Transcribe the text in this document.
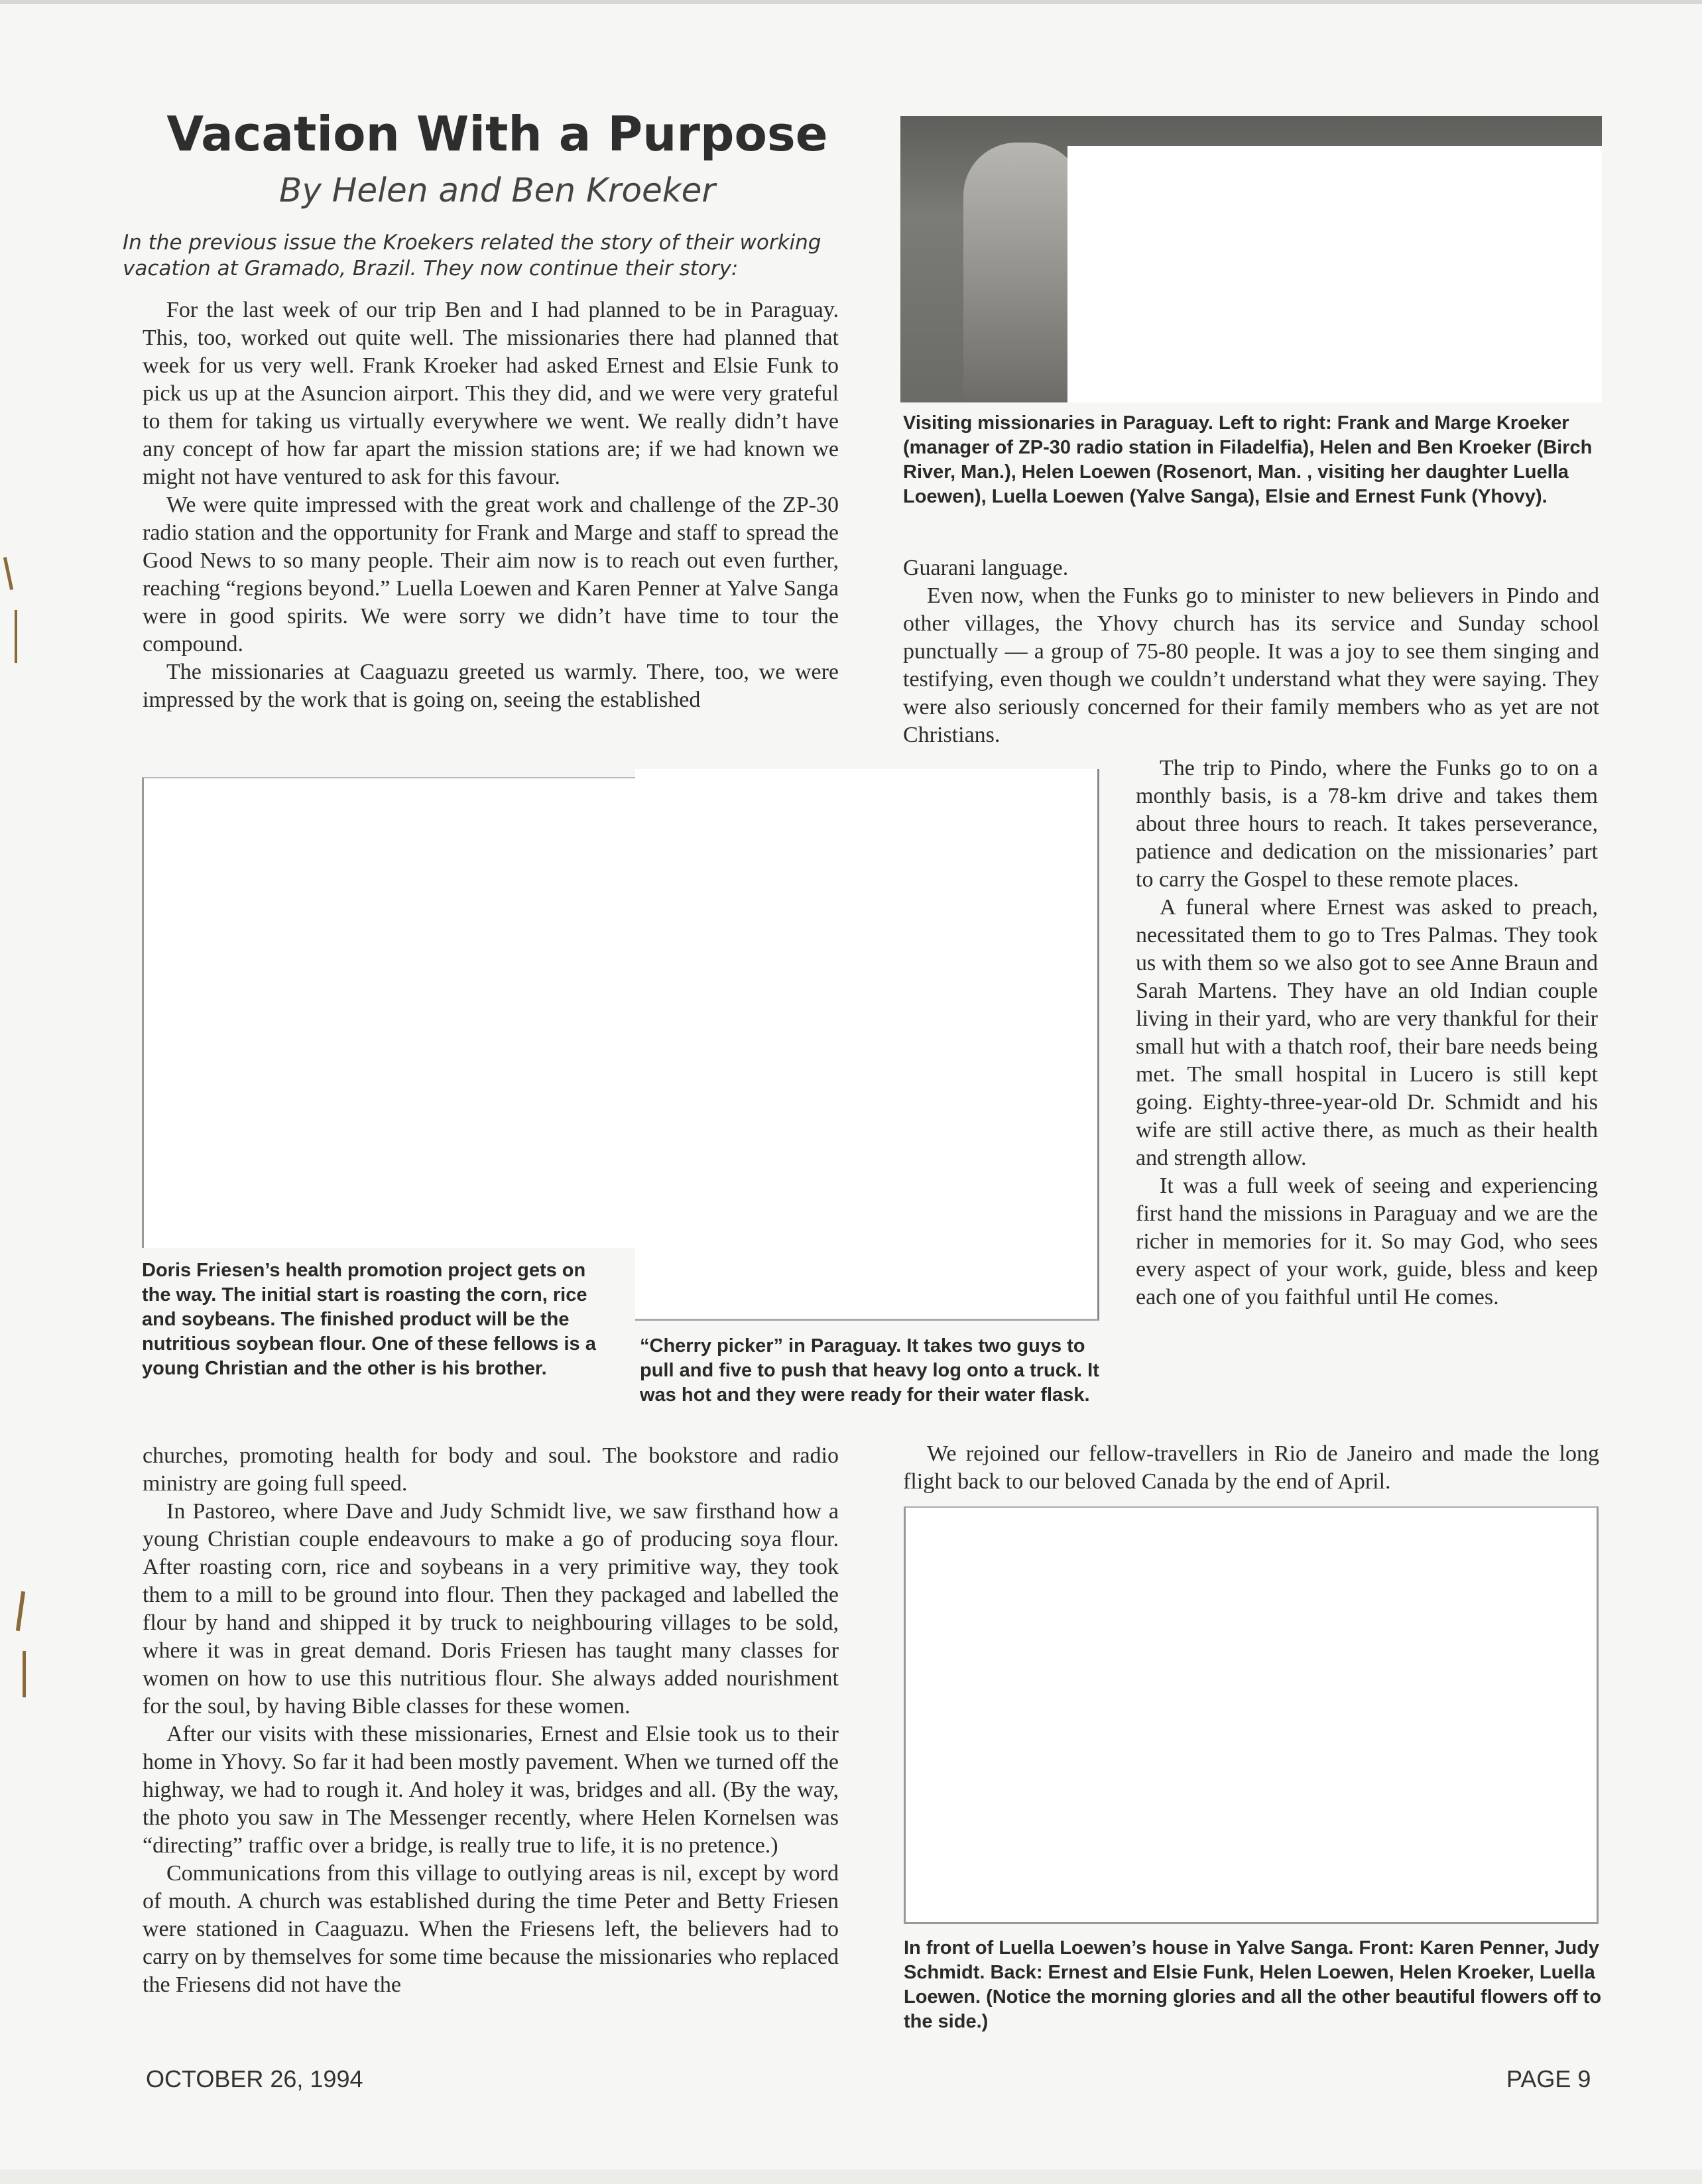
Vacation With a Purpose
By Helen and Ben Kroeker
In the previous issue the Kroekers related the story of their working vacation at Gramado, Brazil. They now continue their story:

For the last week of our trip Ben and I had planned to be in Paraguay. This, too, worked out quite well. The missionaries there had planned that week for us very well. Frank Kroeker had asked Ernest and Elsie Funk to pick us up at the Asuncion airport. This they did, and we were very grateful to them for taking us virtually everywhere we went. We really didn’t have any concept of how far apart the mission stations are; if we had known we might not have ventured to ask for this favour.

We were quite impressed with the great work and challenge of the ZP-30 radio station and the opportunity for Frank and Marge and staff to spread the Good News to so many people. Their aim now is to reach out even further, reaching “regions beyond.” Luella Loewen and Karen Penner at Yalve Sanga were in good spirits. We were sorry we didn’t have time to tour the compound.

The missionaries at Caaguazu greeted us warmly. There, too, we were impressed by the work that is going on, seeing the established

Visiting missionaries in Paraguay. Left to right: Frank and Marge Kroeker (manager of ZP-30 radio station in Filadelfia), Helen and Ben Kroeker (Birch River, Man.), Helen Loewen (Rosenort, Man. , visiting her daughter Luella Loewen), Luella Loewen (Yalve Sanga), Elsie and Ernest Funk (Yhovy).

Guarani language.

Even now, when the Funks go to minister to new believers in Pindo and other villages, the Yhovy church has its service and Sunday school punctually — a group of 75-80 people. It was a joy to see them singing and testifying, even though we couldn’t understand what they were saying. They were also seriously concerned for their family members who as yet are not Christians.

Doris Friesen’s health promotion project gets on the way. The initial start is roasting the corn, rice and soybeans. The finished product will be the nutritious soybean flour. One of these fellows is a young Christian and the other is his brother.
“Cherry picker” in Paraguay. It takes two guys to pull and five to push that heavy log onto a truck. It was hot and they were ready for their water flask.

The trip to Pindo, where the Funks go to on a monthly basis, is a 78-km drive and takes them about three hours to reach. It takes perseverance, patience and dedication on the missionaries’ part to carry the Gospel to these remote places.

A funeral where Ernest was asked to preach, necessitated them to go to Tres Palmas. They took us with them so we also got to see Anne Braun and Sarah Martens. They have an old Indian couple living in their yard, who are very thankful for their small hut with a thatch roof, their bare needs being met. The small hospital in Lucero is still kept going. Eighty-three-year-old Dr. Schmidt and his wife are still active there, as much as their health and strength allow.

It was a full week of seeing and experiencing first hand the missions in Paraguay and we are the richer in memories for it. So may God, who sees every aspect of your work, guide, bless and keep each one of you faithful until He comes.

churches, promoting health for body and soul. The bookstore and radio ministry are going full speed.

In Pastoreo, where Dave and Judy Schmidt live, we saw firsthand how a young Christian couple endeavours to make a go of producing soya flour. After roasting corn, rice and soybeans in a very primitive way, they took them to a mill to be ground into flour. Then they packaged and labelled the flour by hand and shipped it by truck to neighbouring villages to be sold, where it was in great demand. Doris Friesen has taught many classes for women on how to use this nutritious flour. She always added nourishment for the soul, by having Bible classes for these women.

After our visits with these missionaries, Ernest and Elsie took us to their home in Yhovy. So far it had been mostly pavement. When we turned off the highway, we had to rough it. And holey it was, bridges and all. (By the way, the photo you saw in The Messenger recently, where Helen Kornelsen was “directing” traffic over a bridge, is really true to life, it is no pretence.)

Communications from this village to outlying areas is nil, except by word of mouth. A church was established during the time Peter and Betty Friesen were stationed in Caaguazu. When the Friesens left, the believers had to carry on by themselves for some time because the missionaries who replaced the Friesens did not have the

We rejoined our fellow-travellers in Rio de Janeiro and made the long flight back to our beloved Canada by the end of April.

In front of Luella Loewen’s house in Yalve Sanga. Front: Karen Penner, Judy Schmidt. Back: Ernest and Elsie Funk, Helen Loewen, Helen Kroeker, Luella Loewen. (Notice the morning glories and all the other beautiful flowers off to the side.)
OCTOBER 26, 1994	PAGE 9
